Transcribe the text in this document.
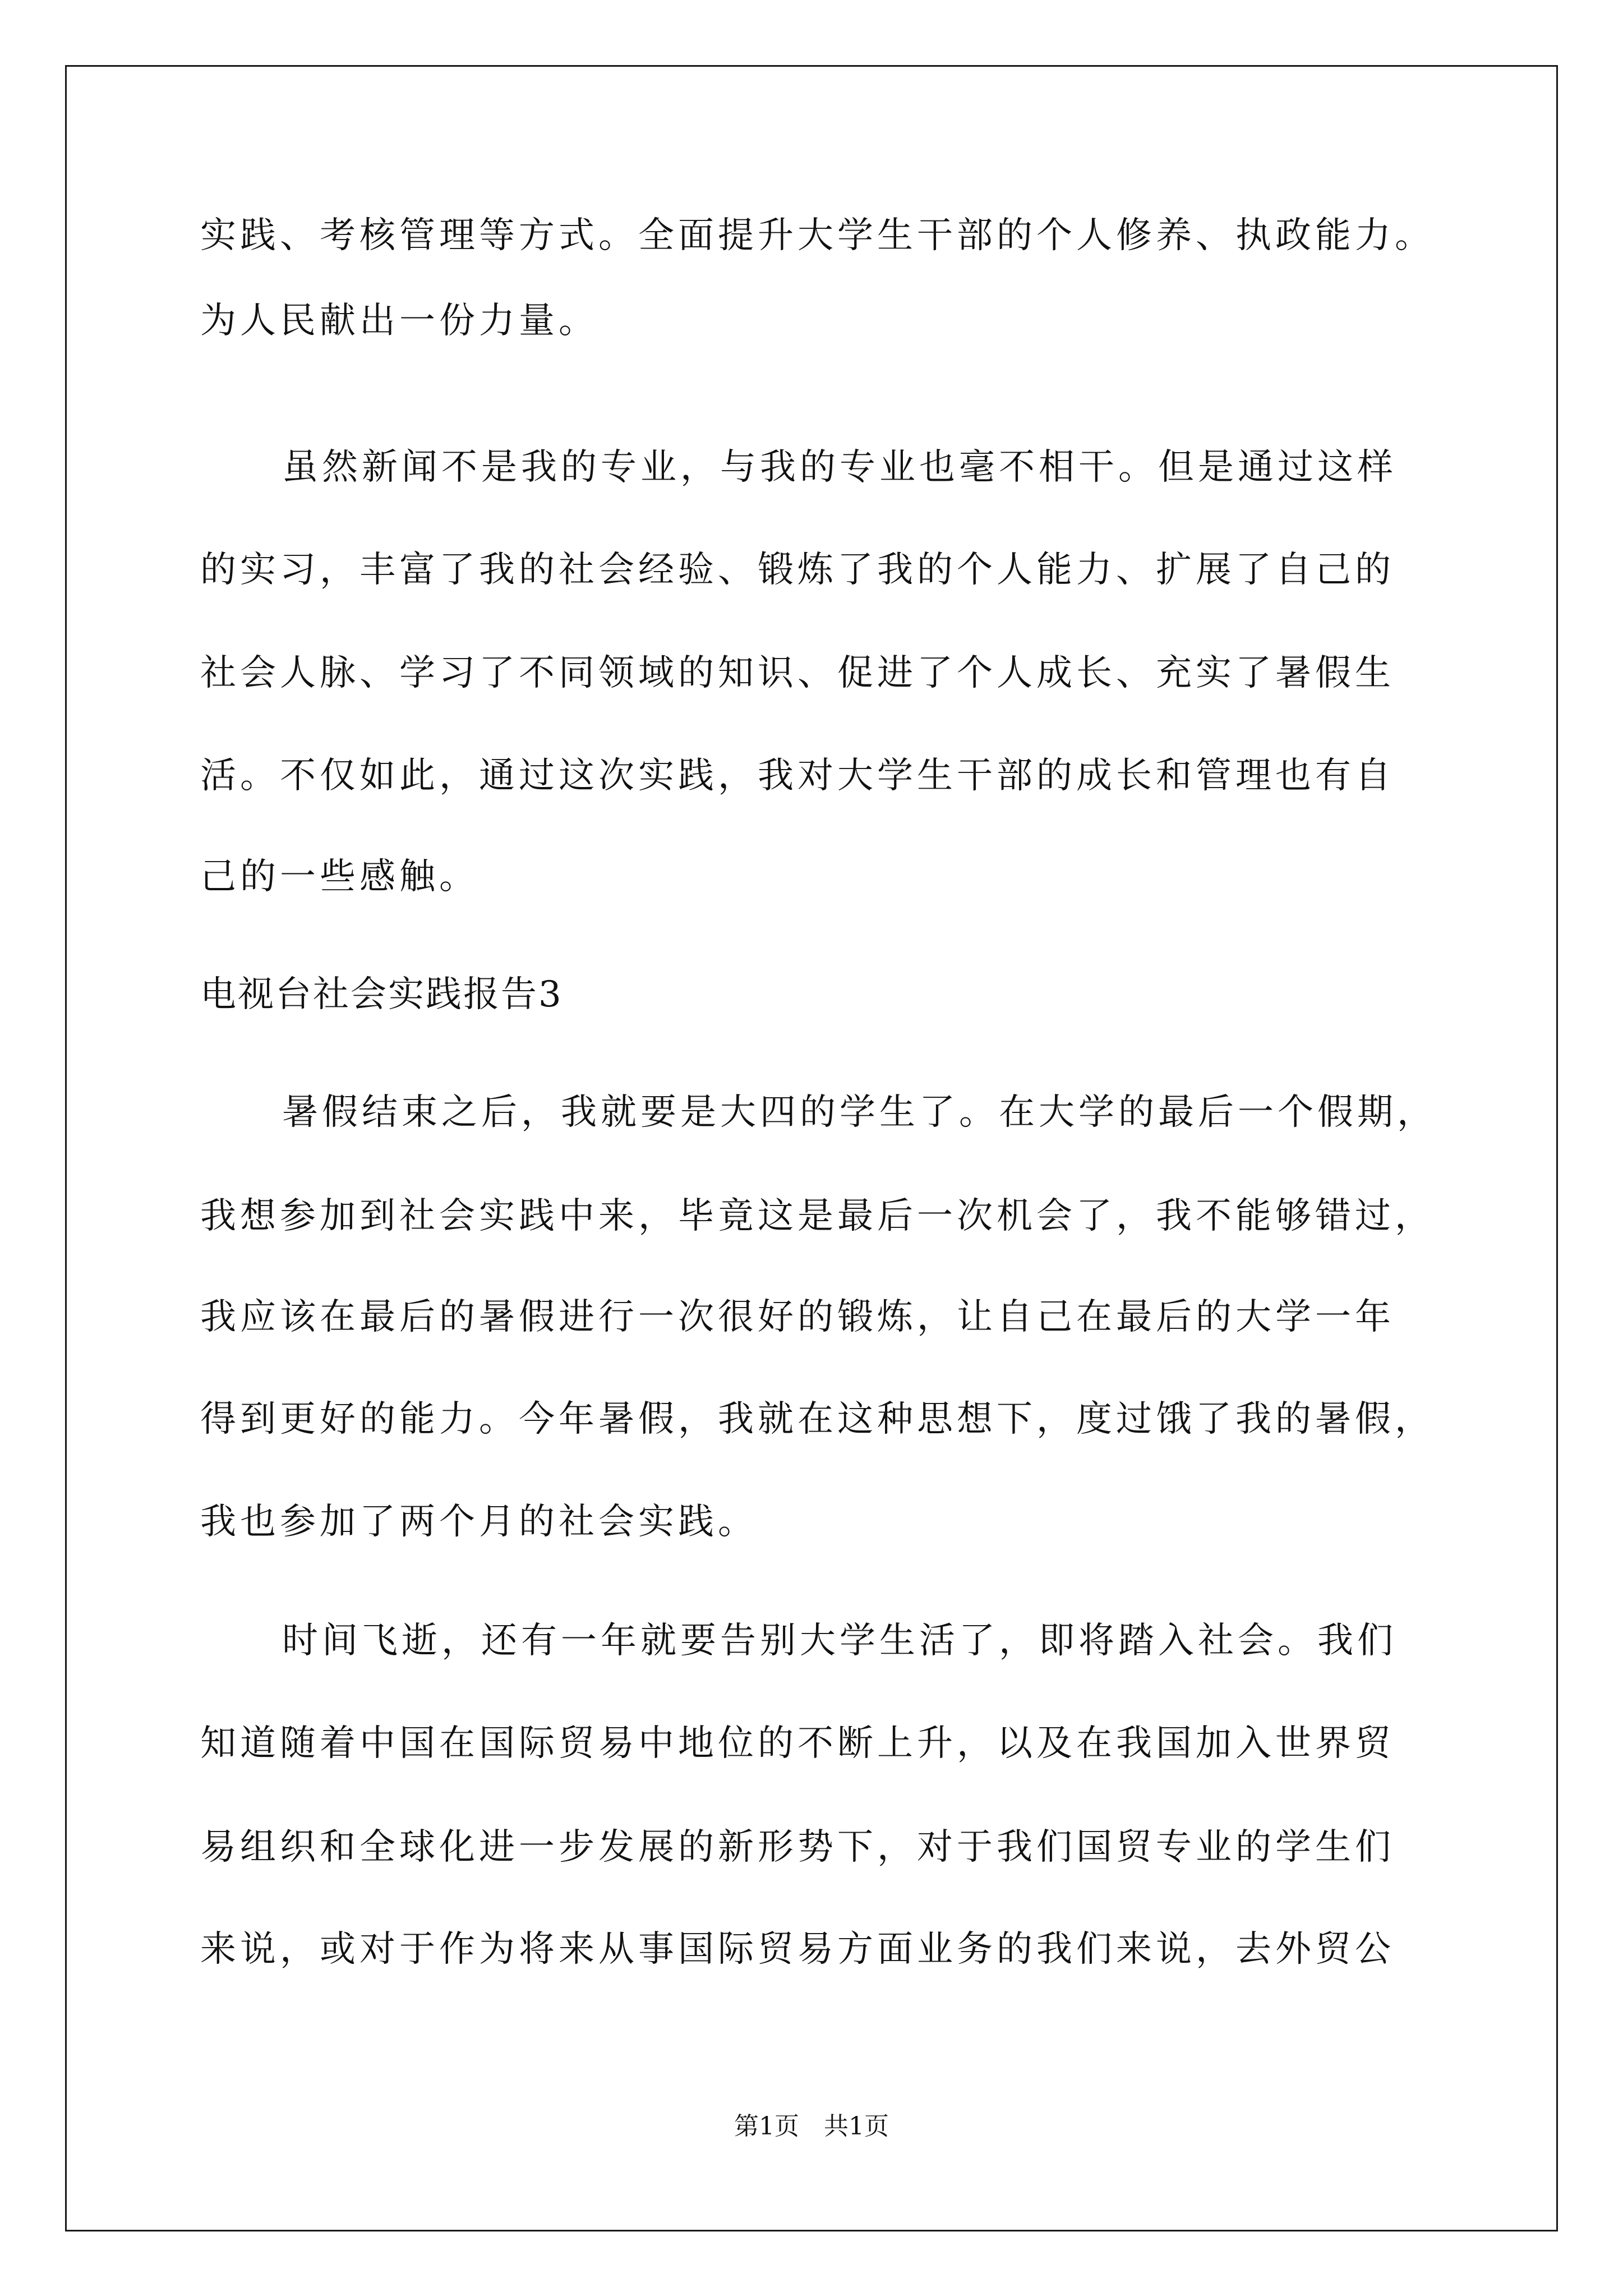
实践、考核管理等方式。全面提升大学生干部的个人修养、执政能力。
为人民献出一份力量。
虽然新闻不是我的专业，与我的专业也毫不相干。但是通过这样
的实习，丰富了我的社会经验、锻炼了我的个人能力、扩展了自己的
社会人脉、学习了不同领域的知识、促进了个人成长、充实了暑假生
活。不仅如此，通过这次实践，我对大学生干部的成长和管理也有自
己的一些感触。
电视台社会实践报告3
暑假结束之后，我就要是大四的学生了。在大学的最后一个假期，
我想参加到社会实践中来，毕竟这是最后一次机会了，我不能够错过，
我应该在最后的暑假进行一次很好的锻炼，让自己在最后的大学一年
得到更好的能力。今年暑假，我就在这种思想下，度过饿了我的暑假，
我也参加了两个月的社会实践。
时间飞逝，还有一年就要告别大学生活了，即将踏入社会。我们
知道随着中国在国际贸易中地位的不断上升，以及在我国加入世界贸
易组织和全球化进一步发展的新形势下，对于我们国贸专业的学生们
来说，或对于作为将来从事国际贸易方面业务的我们来说，去外贸公
第1页 共1页
